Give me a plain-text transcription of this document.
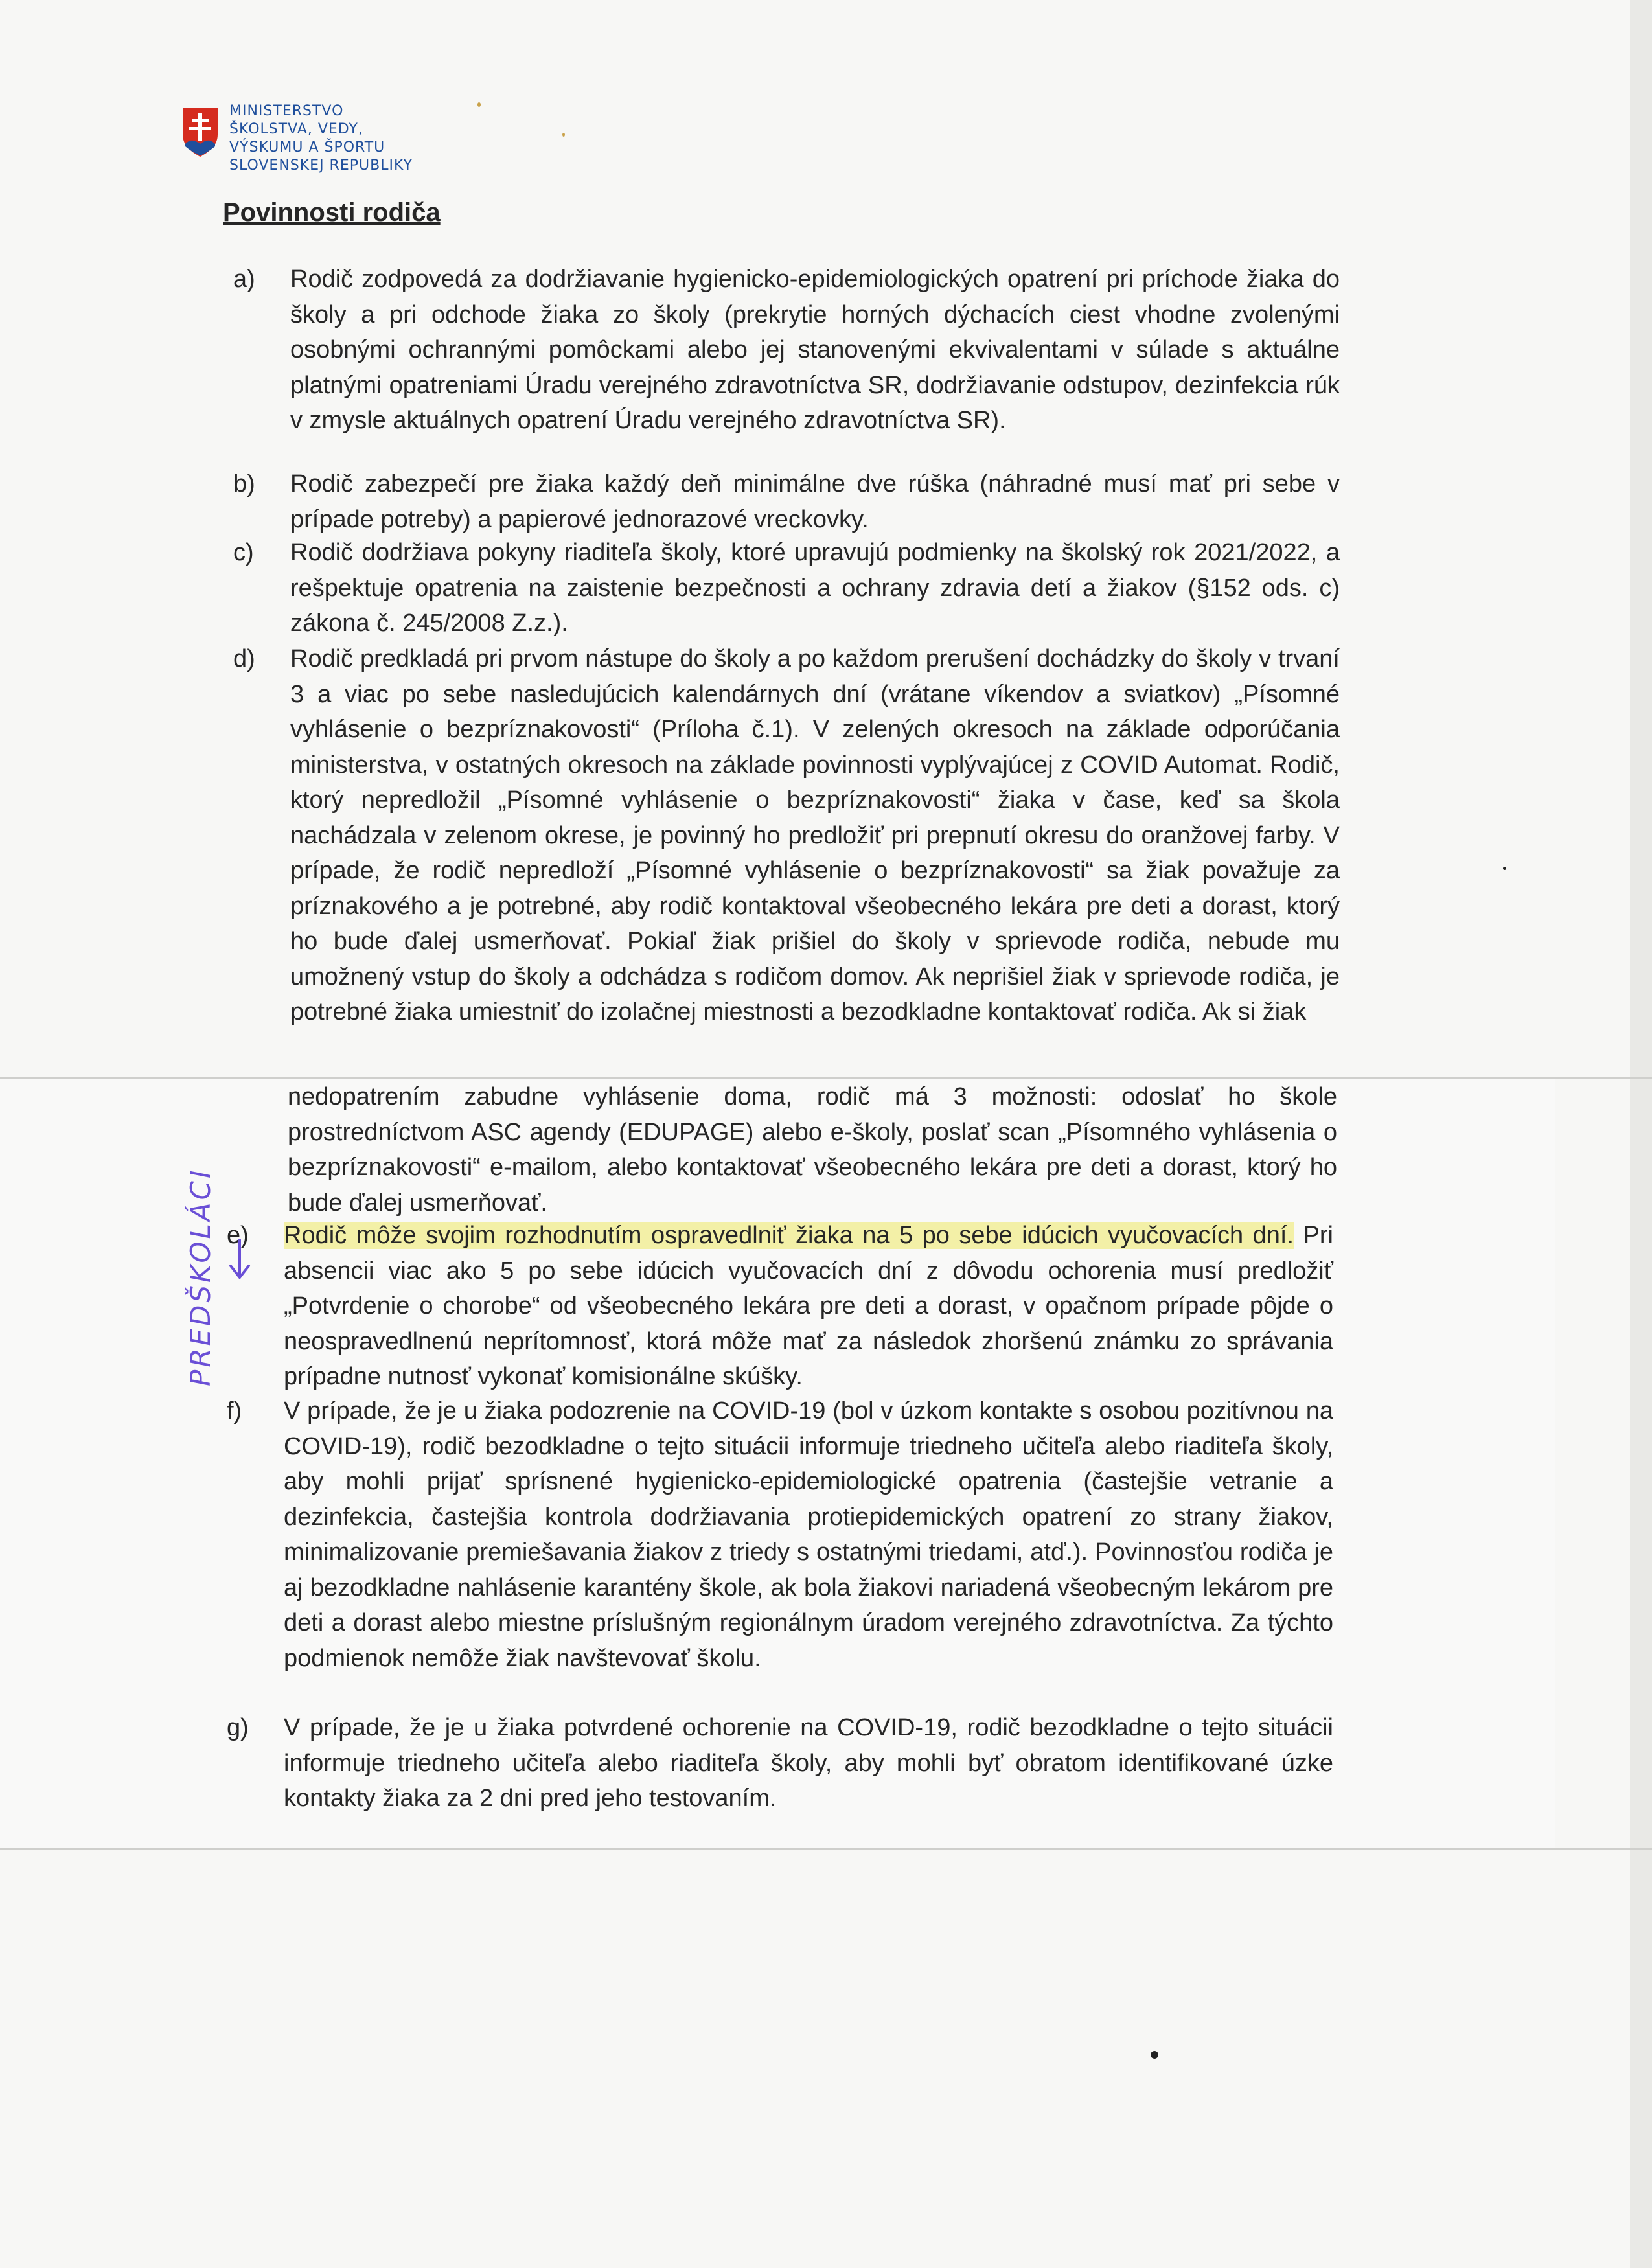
MINISTERSTVO
ŠKOLSTVA, VEDY,
VÝSKUMU A ŠPORTU
SLOVENSKEJ REPUBLIKY
Povinnosti rodiča
a) Rodič zodpovedá za dodržiavanie hygienicko-epidemiologických opatrení pri príchode žiaka do školy a pri odchode žiaka zo školy (prekrytie horných dýchacích ciest vhodne zvolenými osobnými ochrannými pomôckami alebo jej stanovenými ekvivalentami v súlade s aktuálne platnými opatreniami Úradu verejného zdravotníctva SR, dodržiavanie odstupov, dezinfekcia rúk v zmysle aktuálnych opatrení Úradu verejného zdravotníctva SR).
b) Rodič zabezpečí pre žiaka každý deň minimálne dve rúška (náhradné musí mať pri sebe v prípade potreby) a papierové jednorazové vreckovky.
c) Rodič dodržiava pokyny riaditeľa školy, ktoré upravujú podmienky na školský rok 2021/2022, a rešpektuje opatrenia na zaistenie bezpečnosti a ochrany zdravia detí a žiakov (§152 ods. c) zákona č. 245/2008 Z.z.).
d) Rodič predkladá pri prvom nástupe do školy a po každom prerušení dochádzky do školy v trvaní 3 a viac po sebe nasledujúcich kalendárnych dní (vrátane víkendov a sviatkov) „Písomné vyhlásenie o bezpríznakovosti“ (Príloha č.1). V zelených okresoch na základe odporúčania ministerstva, v ostatných okresoch na základe povinnosti vyplývajúcej z COVID Automat. Rodič, ktorý nepredložil „Písomné vyhlásenie o bezpríznakovosti“ žiaka v čase, keď sa škola nachádzala v zelenom okrese, je povinný ho predložiť pri prepnutí okresu do oranžovej farby. V prípade, že rodič nepredloží „Písomné vyhlásenie o bezpríznakovosti“ sa žiak považuje za príznakového a je potrebné, aby rodič kontaktoval všeobecného lekára pre deti a dorast, ktorý ho bude ďalej usmerňovať. Pokiaľ žiak prišiel do školy v sprievode rodiča, nebude mu umožnený vstup do školy a odchádza s rodičom domov. Ak neprišiel žiak v sprievode rodiča, je potrebné žiaka umiestniť do izolačnej miestnosti a bezodkladne kontaktovať rodiča. Ak si žiak
nedopatrením zabudne vyhlásenie doma, rodič má 3 možnosti: odoslať ho škole prostredníctvom ASC agendy (EDUPAGE) alebo e-školy, poslať scan „Písomného vyhlásenia o bezpríznakovosti“ e-mailom, alebo kontaktovať všeobecného lekára pre deti a dorast, ktorý ho bude ďalej usmerňovať.
e) Rodič môže svojim rozhodnutím ospravedlniť žiaka na 5 po sebe idúcich vyučovacích dní. Pri absencii viac ako 5 po sebe idúcich vyučovacích dní z dôvodu ochorenia musí predložiť „Potvrdenie o chorobe“ od všeobecného lekára pre deti a dorast, v opačnom prípade pôjde o neospravedlnenú neprítomnosť, ktorá môže mať za následok zhoršenú známku zo správania prípadne nutnosť vykonať komisionálne skúšky.
f) V prípade, že je u žiaka podozrenie na COVID-19 (bol v úzkom kontakte s osobou pozitívnou na COVID-19), rodič bezodkladne o tejto situácii informuje triedneho učiteľa alebo riaditeľa školy, aby mohli prijať sprísnené hygienicko-epidemiologické opatrenia (častejšie vetranie a dezinfekcia, častejšia kontrola dodržiavania protiepidemických opatrení zo strany žiakov, minimalizovanie premiešavania žiakov z triedy s ostatnými triedami, atď.). Povinnosťou rodiča je aj bezodkladne nahlásenie karantény škole, ak bola žiakovi nariadená všeobecným lekárom pre deti a dorast alebo miestne príslušným regionálnym úradom verejného zdravotníctva. Za týchto podmienok nemôže žiak navštevovať školu.
g) V prípade, že je u žiaka potvrdené ochorenie na COVID-19, rodič bezodkladne o tejto situácii informuje triedneho učiteľa alebo riaditeľa školy, aby mohli byť obratom identifikované úzke kontakty žiaka za 2 dni pred jeho testovaním.
PREDŠKOLÁCI
